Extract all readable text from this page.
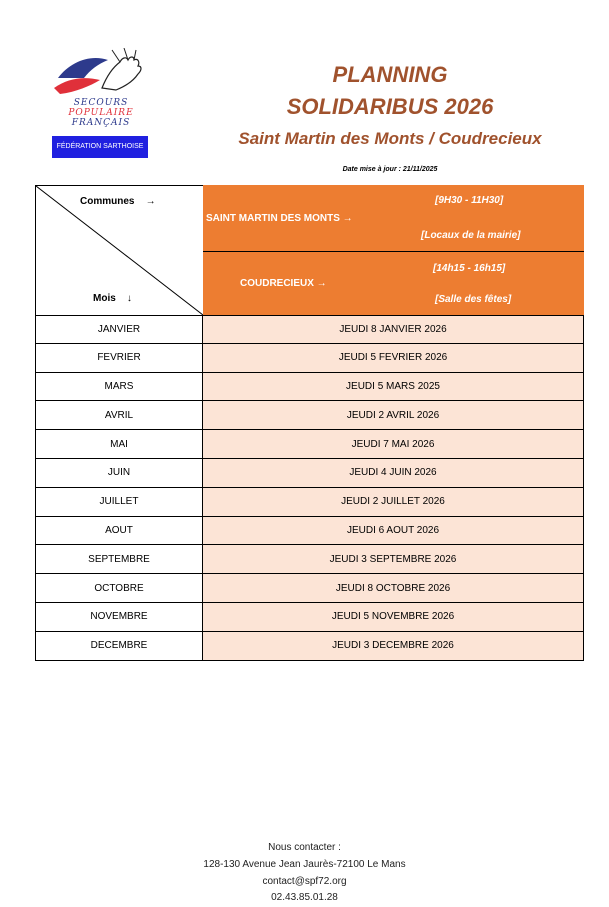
SECOURS
POPULAIRE
FRANÇAIS
FÉDÉRATION SARTHOISE
PLANNING
SOLIDARIBUS 2026
Saint Martin des Monts / Coudrecieux
Date mise à jour : 21/11/2025
Communes →
Mois ↓
[9H30 - 11H30]
SAINT MARTIN DES MONTS →
[Locaux de la mairie]
[14h15 - 16h15]
COUDRECIEUX →
[Salle des fêtes]
JANVIER	JEUDI 8 JANVIER 2026
FEVRIER	JEUDI 5 FEVRIER 2026
MARS	JEUDI 5 MARS 2025
AVRIL	JEUDI 2 AVRIL 2026
MAI	JEUDI 7 MAI 2026
JUIN	JEUDI 4 JUIN 2026
JUILLET	JEUDI 2 JUILLET 2026
AOUT	JEUDI 6 AOUT 2026
SEPTEMBRE	JEUDI 3 SEPTEMBRE 2026
OCTOBRE	JEUDI 8 OCTOBRE 2026
NOVEMBRE	JEUDI 5 NOVEMBRE 2026
DECEMBRE	JEUDI 3 DECEMBRE 2026
Nous contacter :
128-130 Avenue Jean Jaurès-72100 Le Mans
contact@spf72.org
02.43.85.01.28
